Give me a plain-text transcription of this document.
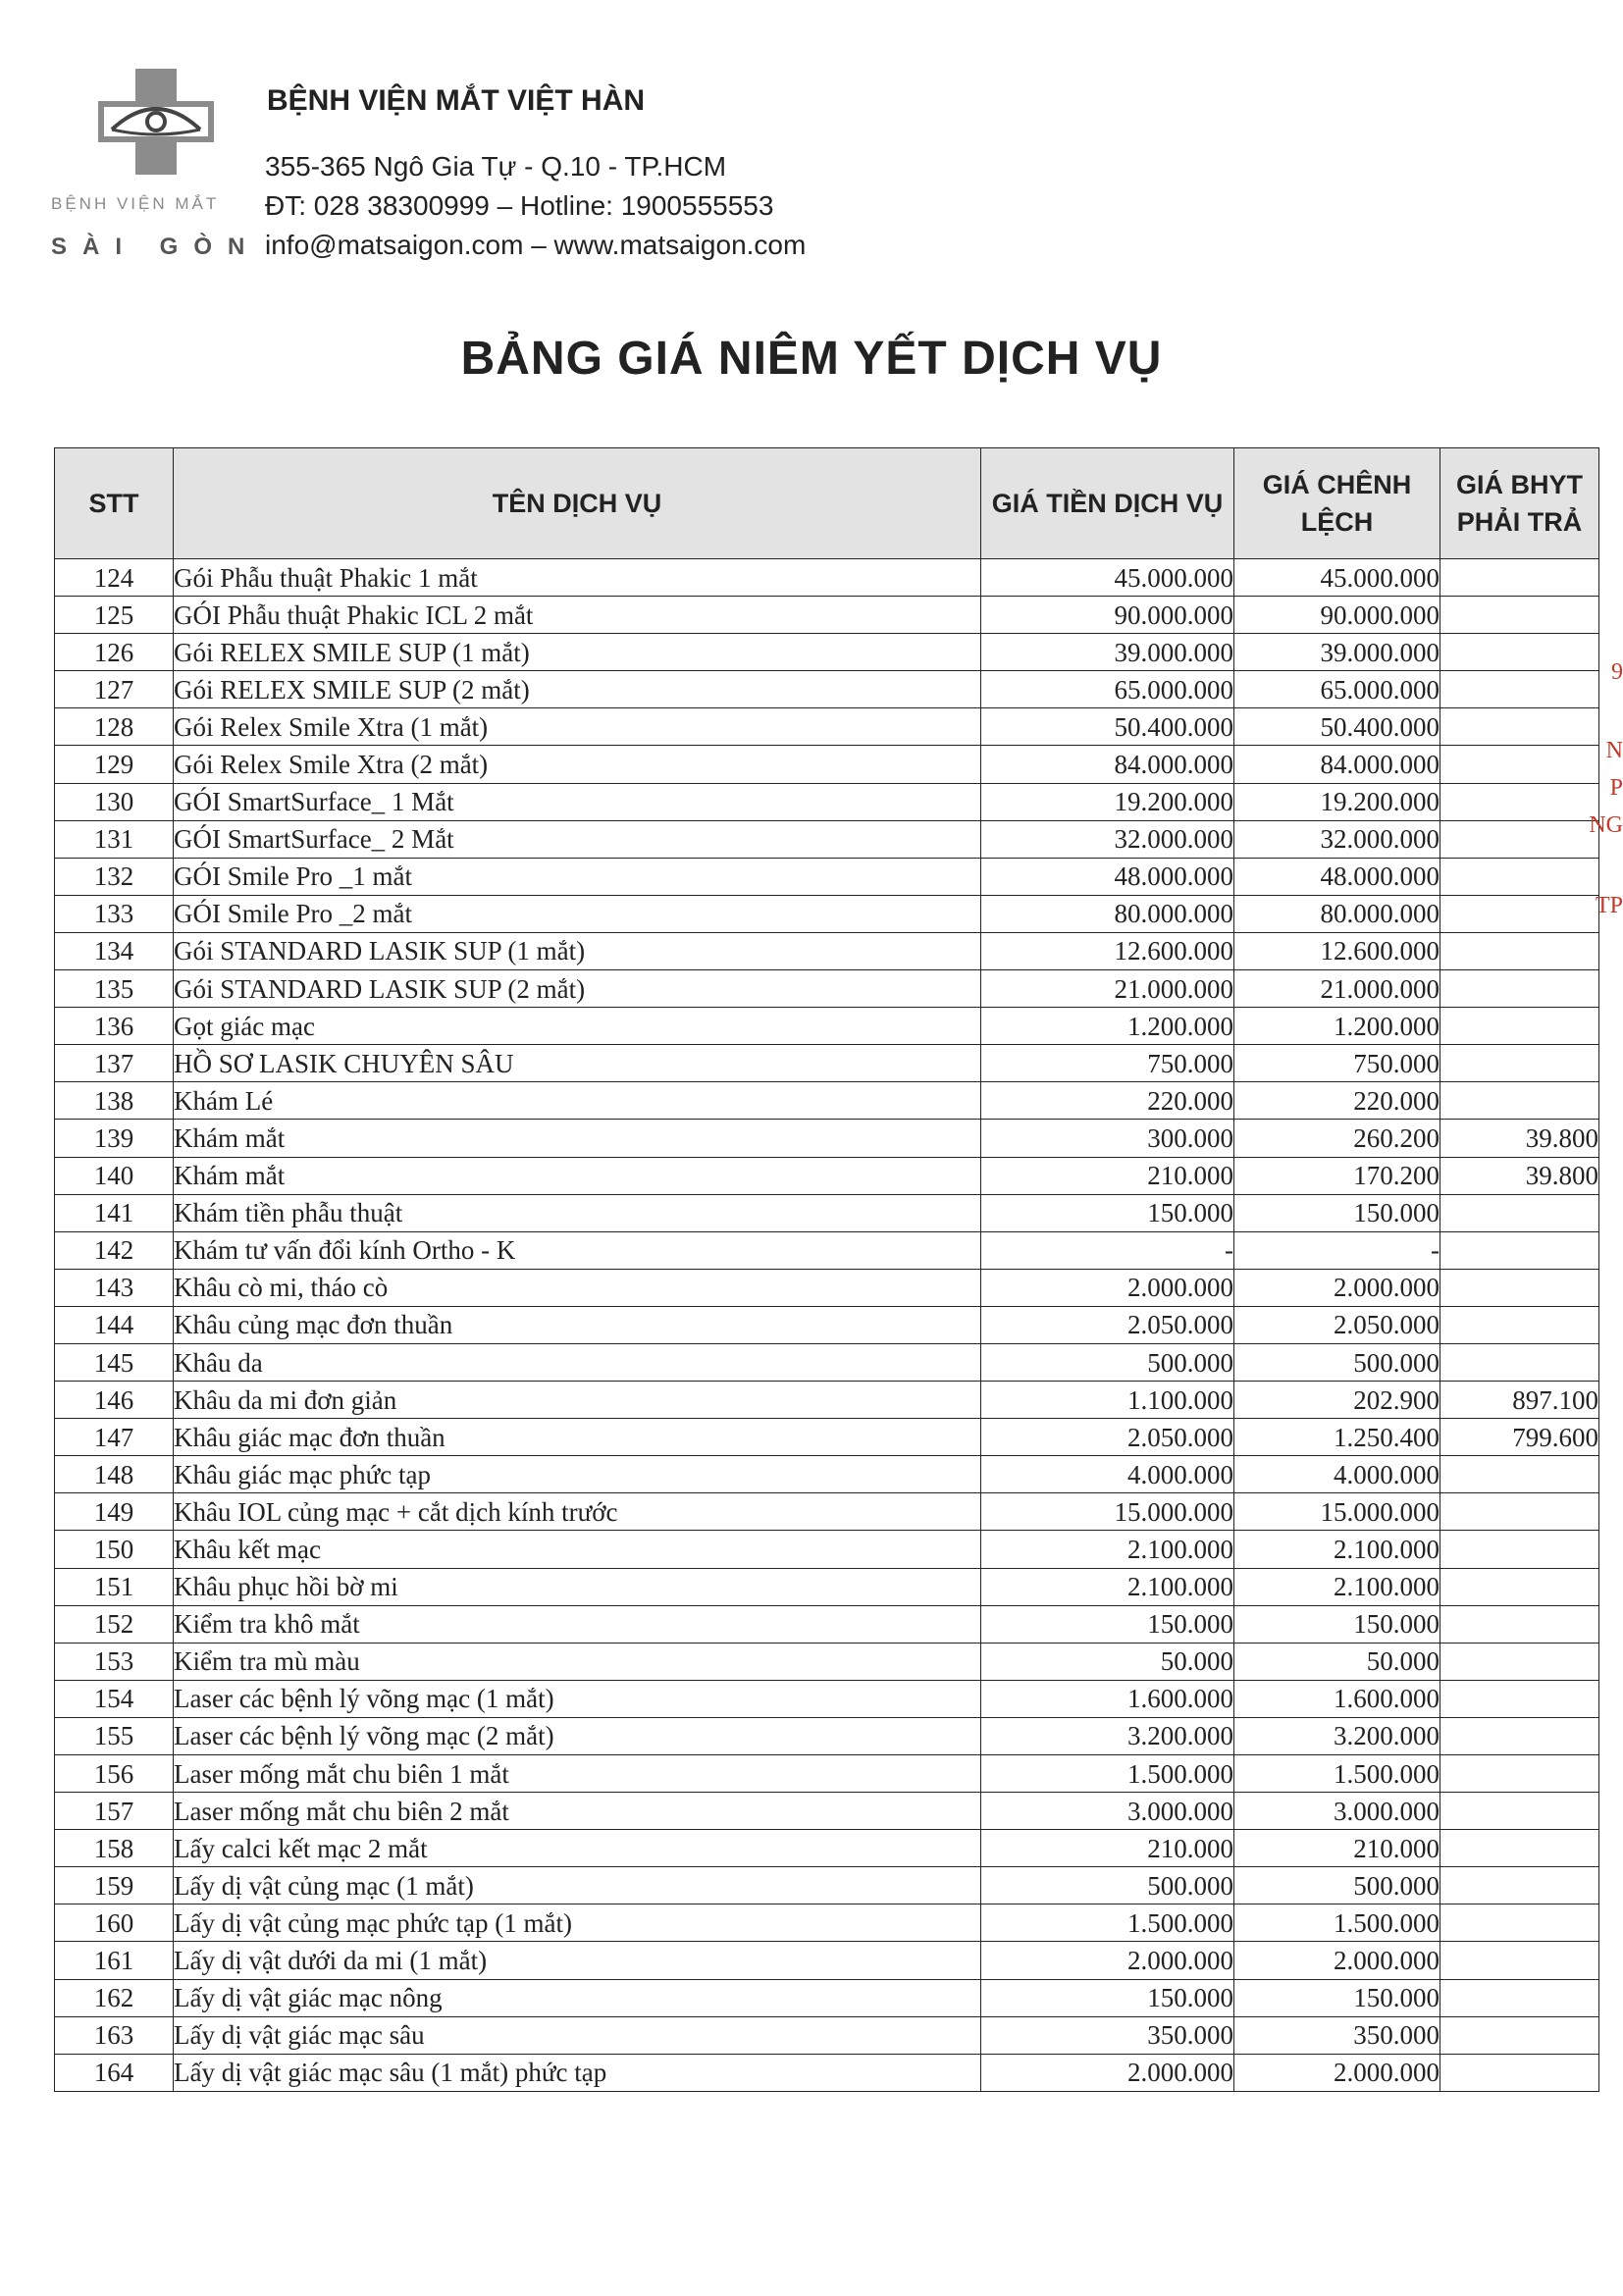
BỆNH VIỆN MẮT
SÀI GÒN
BỆNH VIỆN MẮT VIỆT HÀN
355-365 Ngô Gia Tự - Q.10 - TP.HCM
ĐT: 028 38300999 – Hotline: 1900555553
info@matsaigon.com – www.matsaigon.com
BẢNG GIÁ NIÊM YẾT DỊCH VỤ
STT	TÊN DỊCH VỤ	GIÁ TIỀN DỊCH VỤ	GIÁ CHÊNH LỆCH	GIÁ BHYT PHẢI TRẢ
124	Gói Phẫu thuật Phakic 1 mắt	45.000.000	45.000.000	
125	GÓI Phẫu thuật Phakic ICL 2 mắt	90.000.000	90.000.000	
126	Gói RELEX SMILE SUP (1 mắt)	39.000.000	39.000.000	
127	Gói RELEX SMILE SUP (2 mắt)	65.000.000	65.000.000	
128	Gói Relex Smile Xtra (1 mắt)	50.400.000	50.400.000	
129	Gói Relex Smile Xtra (2 mắt)	84.000.000	84.000.000	
130	GÓI SmartSurface_ 1 Mắt	19.200.000	19.200.000	
131	GÓI SmartSurface_ 2 Mắt	32.000.000	32.000.000	
132	GÓI Smile Pro _1 mắt	48.000.000	48.000.000	
133	GÓI Smile Pro _2 mắt	80.000.000	80.000.000	
134	Gói STANDARD LASIK SUP (1 mắt)	12.600.000	12.600.000	
135	Gói STANDARD LASIK SUP (2 mắt)	21.000.000	21.000.000	
136	Gọt giác mạc	1.200.000	1.200.000	
137	HỒ SƠ LASIK CHUYÊN SÂU	750.000	750.000	
138	Khám Lé	220.000	220.000	
139	Khám mắt	300.000	260.200	39.800
140	Khám mắt	210.000	170.200	39.800
141	Khám tiền phẫu thuật	150.000	150.000	
142	Khám tư vấn đổi kính Ortho - K	-	-	
143	Khâu cò mi, tháo cò	2.000.000	2.000.000	
144	Khâu củng mạc đơn thuần	2.050.000	2.050.000	
145	Khâu da	500.000	500.000	
146	Khâu da mi đơn giản	1.100.000	202.900	897.100
147	Khâu giác mạc đơn thuần	2.050.000	1.250.400	799.600
148	Khâu giác mạc phức tạp	4.000.000	4.000.000	
149	Khâu IOL củng mạc + cắt dịch kính trước	15.000.000	15.000.000	
150	Khâu kết mạc	2.100.000	2.100.000	
151	Khâu phục hồi bờ mi	2.100.000	2.100.000	
152	Kiểm tra khô mắt	150.000	150.000	
153	Kiểm tra mù màu	50.000	50.000	
154	Laser các bệnh lý võng mạc (1 mắt)	1.600.000	1.600.000	
155	Laser các bệnh lý võng mạc (2 mắt)	3.200.000	3.200.000	
156	Laser mống mắt chu biên 1 mắt	1.500.000	1.500.000	
157	Laser mống mắt chu biên 2 mắt	3.000.000	3.000.000	
158	Lấy calci kết mạc 2 mắt	210.000	210.000	
159	Lấy dị vật củng mạc (1 mắt)	500.000	500.000	
160	Lấy dị vật củng mạc phức tạp (1 mắt)	1.500.000	1.500.000	
161	Lấy dị vật dưới da mi (1 mắt)	2.000.000	2.000.000	
162	Lấy dị vật giác mạc nông	150.000	150.000	
163	Lấy dị vật giác mạc sâu	350.000	350.000	
164	Lấy dị vật giác mạc sâu (1 mắt) phức tạp	2.000.000	2.000.000	
9
N
P
NG
TP
